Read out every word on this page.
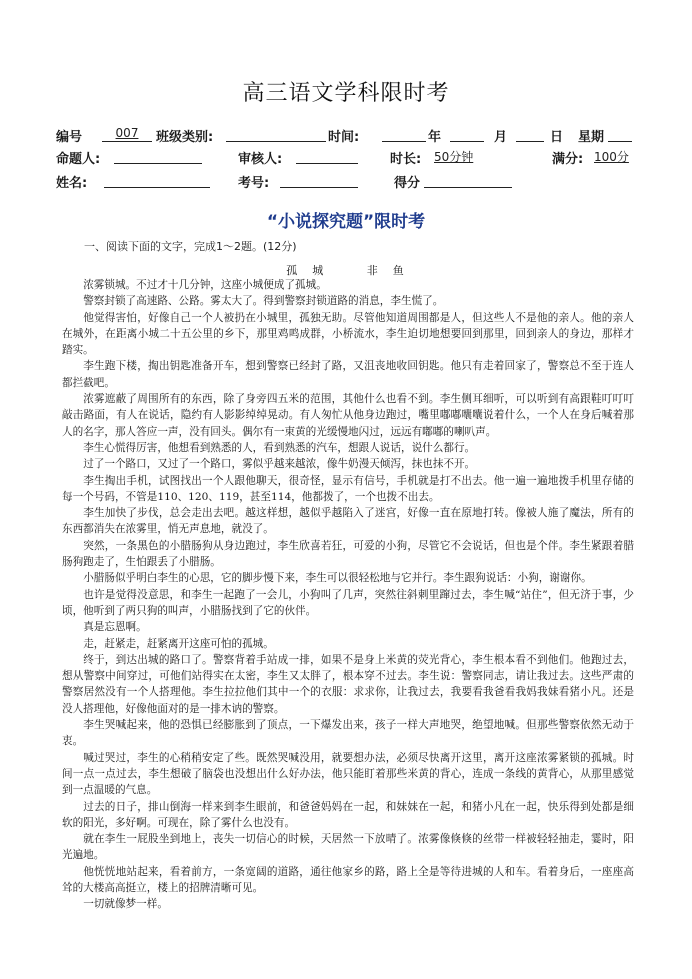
高三语文学科限时考
编号	007	班级类别:	时间:	年	月	日 星期
命题人:	审核人:	时长: 50分钟	满分: 100分
姓名:	考号:	得分
“小说探究题”限时考
一、阅读下面的文字，完成1～2题。(12分)
孤　城	非　鱼

浓雾锁城。不过才十几分钟，这座小城便成了孤城。

警察封锁了高速路、公路。雾太大了。得到警察封锁道路的消息，李生慌了。

他觉得害怕，好像自己一个人被扔在小城里，孤独无助。尽管他知道周围都是人，但这些人不是他的亲人。他的亲人在城外，在距离小城二十五公里的乡下，那里鸡鸣成群，小桥流水，李生迫切地想要回到那里，回到亲人的身边，那样才踏实。

李生跑下楼，掏出钥匙准备开车，想到警察已经封了路，又沮丧地收回钥匙。他只有走着回家了，警察总不至于连人都拦截吧。

浓雾遮蔽了周围所有的东西，除了身旁四五米的范围，其他什么也看不到。李生侧耳细听，可以听到有高跟鞋叮叮叮敲击路面，有人在说话，隐约有人影影绰绰晃动。有人匆忙从他身边跑过，嘴里嘟嘟囔囔说着什么，一个人在身后喊着那人的名字，那人答应一声，没有回头。偶尔有一束黄的光缓慢地闪过，远远有嘟嘟的喇叭声。

李生心慌得厉害，他想看到熟悉的人，看到熟悉的汽车，想跟人说话，说什么都行。

过了一个路口，又过了一个路口，雾似乎越来越浓，像牛奶漫天倾泻，抹也抹不开。

李生掏出手机，试图找出一个人跟他聊天，很奇怪，显示有信号，手机就是打不出去。他一遍一遍地拨手机里存储的每一个号码，不管是110、120、119，甚至114，他都拨了，一个也拨不出去。

李生加快了步伐，总会走出去吧。越这样想，越似乎越陷入了迷宫，好像一直在原地打转。像被人施了魔法，所有的东西都消失在浓雾里，悄无声息地，就没了。

突然，一条黑色的小腊肠狗从身边跑过，李生欣喜若狂，可爱的小狗，尽管它不会说话，但也是个伴。李生紧跟着腊肠狗跑走了，生怕跟丢了小腊肠。

小腊肠似乎明白李生的心思，它的脚步慢下来，李生可以很轻松地与它并行。李生跟狗说话：小狗，谢谢你。

也许是觉得没意思，和李生一起跑了一会儿，小狗叫了几声，突然往斜刺里蹿过去，李生喊“站住”，但无济于事，少顷，他听到了两只狗的叫声，小腊肠找到了它的伙伴。

真是忘恩啊。

走，赶紧走，赶紧离开这座可怕的孤城。

终于，到达出城的路口了。警察背着手站成一排，如果不是身上米黄的荧光背心，李生根本看不到他们。他跑过去，想从警察中间穿过，可他们站得实在太密，李生又太胖了，根本穿不过去。李生说：警察同志，请让我过去。这些严肃的警察居然没有一个人搭理他。李生拉拉他们其中一个的衣服：求求你，让我过去，我要看我爸看我妈我妹看猪小凡。还是没人搭理他，好像他面对的是一排木讷的警察。

李生哭喊起来，他的恐惧已经膨胀到了顶点，一下爆发出来，孩子一样大声地哭，绝望地喊。但那些警察依然无动于衷。

喊过哭过，李生的心稍稍安定了些。既然哭喊没用，就要想办法，必须尽快离开这里，离开这座浓雾紧锁的孤城。时间一点一点过去，李生想破了脑袋也没想出什么好办法，他只能盯着那些米黄的背心，连成一条线的黄背心，从那里感觉到一点温暖的气息。

过去的日子，排山倒海一样来到李生眼前，和爸爸妈妈在一起，和妹妹在一起，和猪小凡在一起，快乐得到处都是细软的阳光，多好啊。可现在，除了雾什么也没有。

就在李生一屁股坐到地上，丧失一切信心的时候，天居然一下放晴了。浓雾像倏倏的丝带一样被轻轻抽走，霎时，阳光遍地。

他恍恍地站起来，看着前方，一条宽阔的道路，通往他家乡的路，路上全是等待进城的人和车。看着身后，一座座高耸的大楼高高挺立，楼上的招牌清晰可见。

一切就像梦一样。
